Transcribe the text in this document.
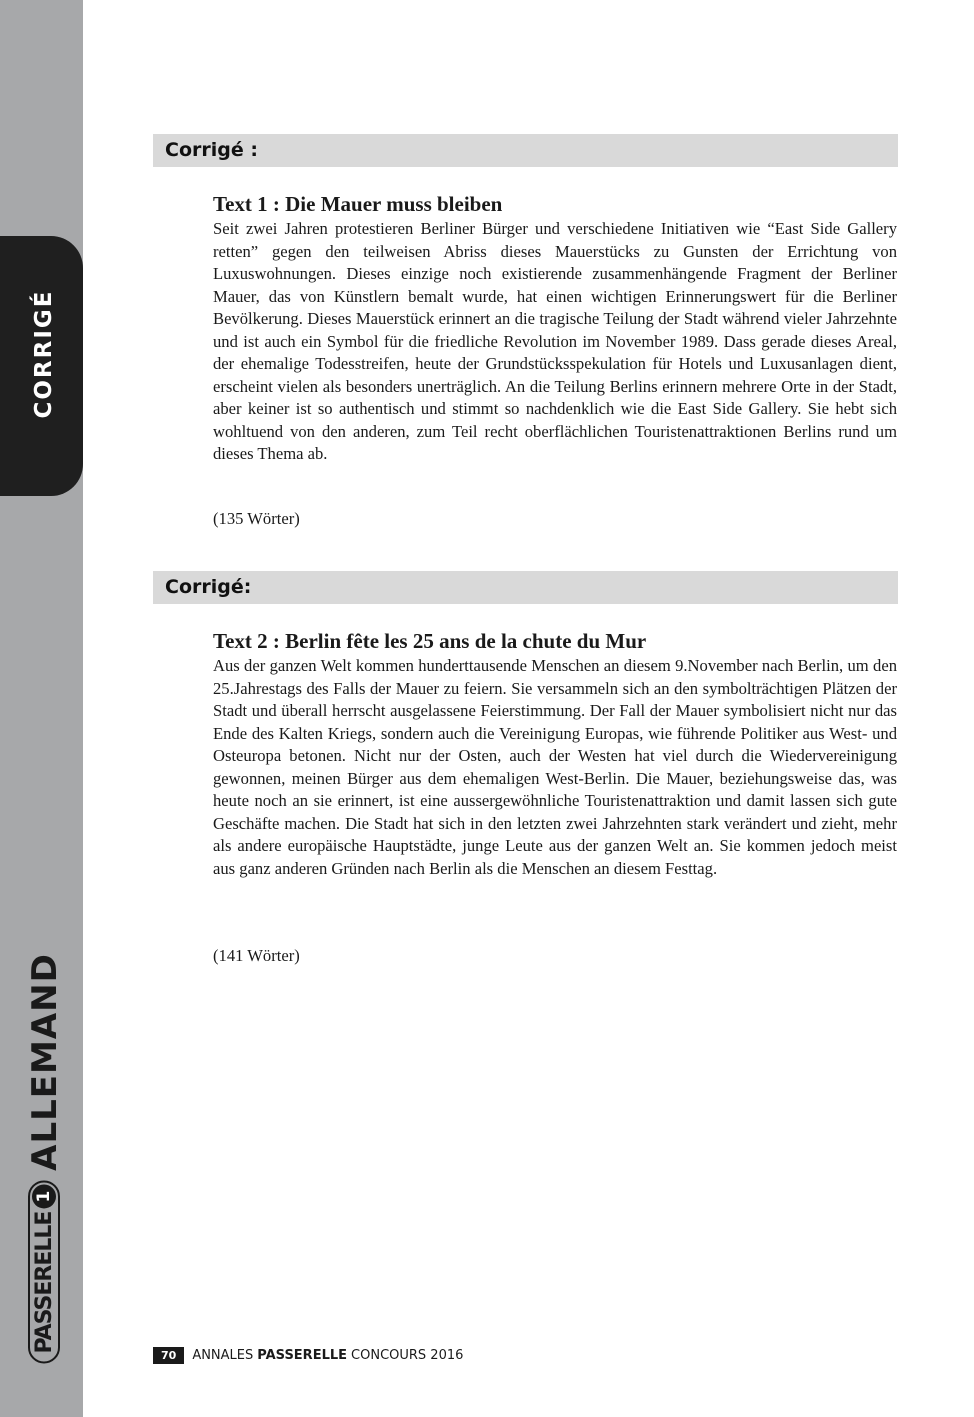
CORRIGÉ
ALLEMAND
PASSERELLE
1
Corrigé :
Text 1 : Die Mauer muss bleiben

Seit zwei Jahren protestieren Berliner Bürger und verschiedene Initiativen wie “East Side Gallery retten” gegen den teilweisen Abriss dieses Mauerstücks zu Gunsten der Errichtung von Luxuswohnungen. Dieses einzige noch existierende zusammenhängende Fragment der Berliner Mauer, das von Künstlern bemalt wurde, hat einen wichtigen Erinnerungswert für die Berliner Bevölkerung. Dieses Mauerstück erinnert an die tragische Teilung der Stadt während vieler Jahrzehnte und ist auch ein Symbol für die friedliche Revolution im November 1989. Dass gerade dieses Areal, der ehemalige Todesstreifen, heute der Grundstücksspekulation für Hotels und Luxusanlagen dient, erscheint vielen als besonders unerträglich. An die Teilung Berlins erinnern mehrere Orte in der Stadt, aber keiner ist so authentisch und stimmt so nachdenklich wie die East Side Gallery. Sie hebt sich wohltuend von den anderen, zum Teil recht oberflächlichen Touristenattraktionen Berlins rund um dieses Thema ab.

(135 Wörter)
Corrigé:
Text 2 : Berlin fête les 25 ans de la chute du Mur

Aus der ganzen Welt kommen hunderttausende Menschen an diesem 9.November nach Berlin, um den 25.Jahrestags des Falls der Mauer zu feiern. Sie versammeln sich an den symbolträchtigen Plätzen der Stadt und überall herrscht ausgelassene Feierstimmung. Der Fall der Mauer symbolisiert nicht nur das Ende des Kalten Kriegs, sondern auch die Vereinigung Europas, wie führende Politiker aus West- und Osteuropa betonen. Nicht nur der Osten, auch der Westen hat viel durch die Wiedervereinigung gewonnen, meinen Bürger aus dem ehemaligen West-Berlin. Die Mauer, beziehungsweise das, was heute noch an sie erinnert, ist eine aussergewöhnliche Touristenattraktion und damit lassen sich gute Geschäfte machen. Die Stadt hat sich in den letzten zwei Jahrzehnten stark verändert und zieht, mehr als andere europäische Hauptstädte, junge Leute aus der ganzen Welt an. Sie kommen jedoch meist aus ganz anderen Gründen nach Berlin als die Menschen an diesem Festtag.

(141 Wörter)
70	ANNALES PASSERELLE CONCOURS 2016
